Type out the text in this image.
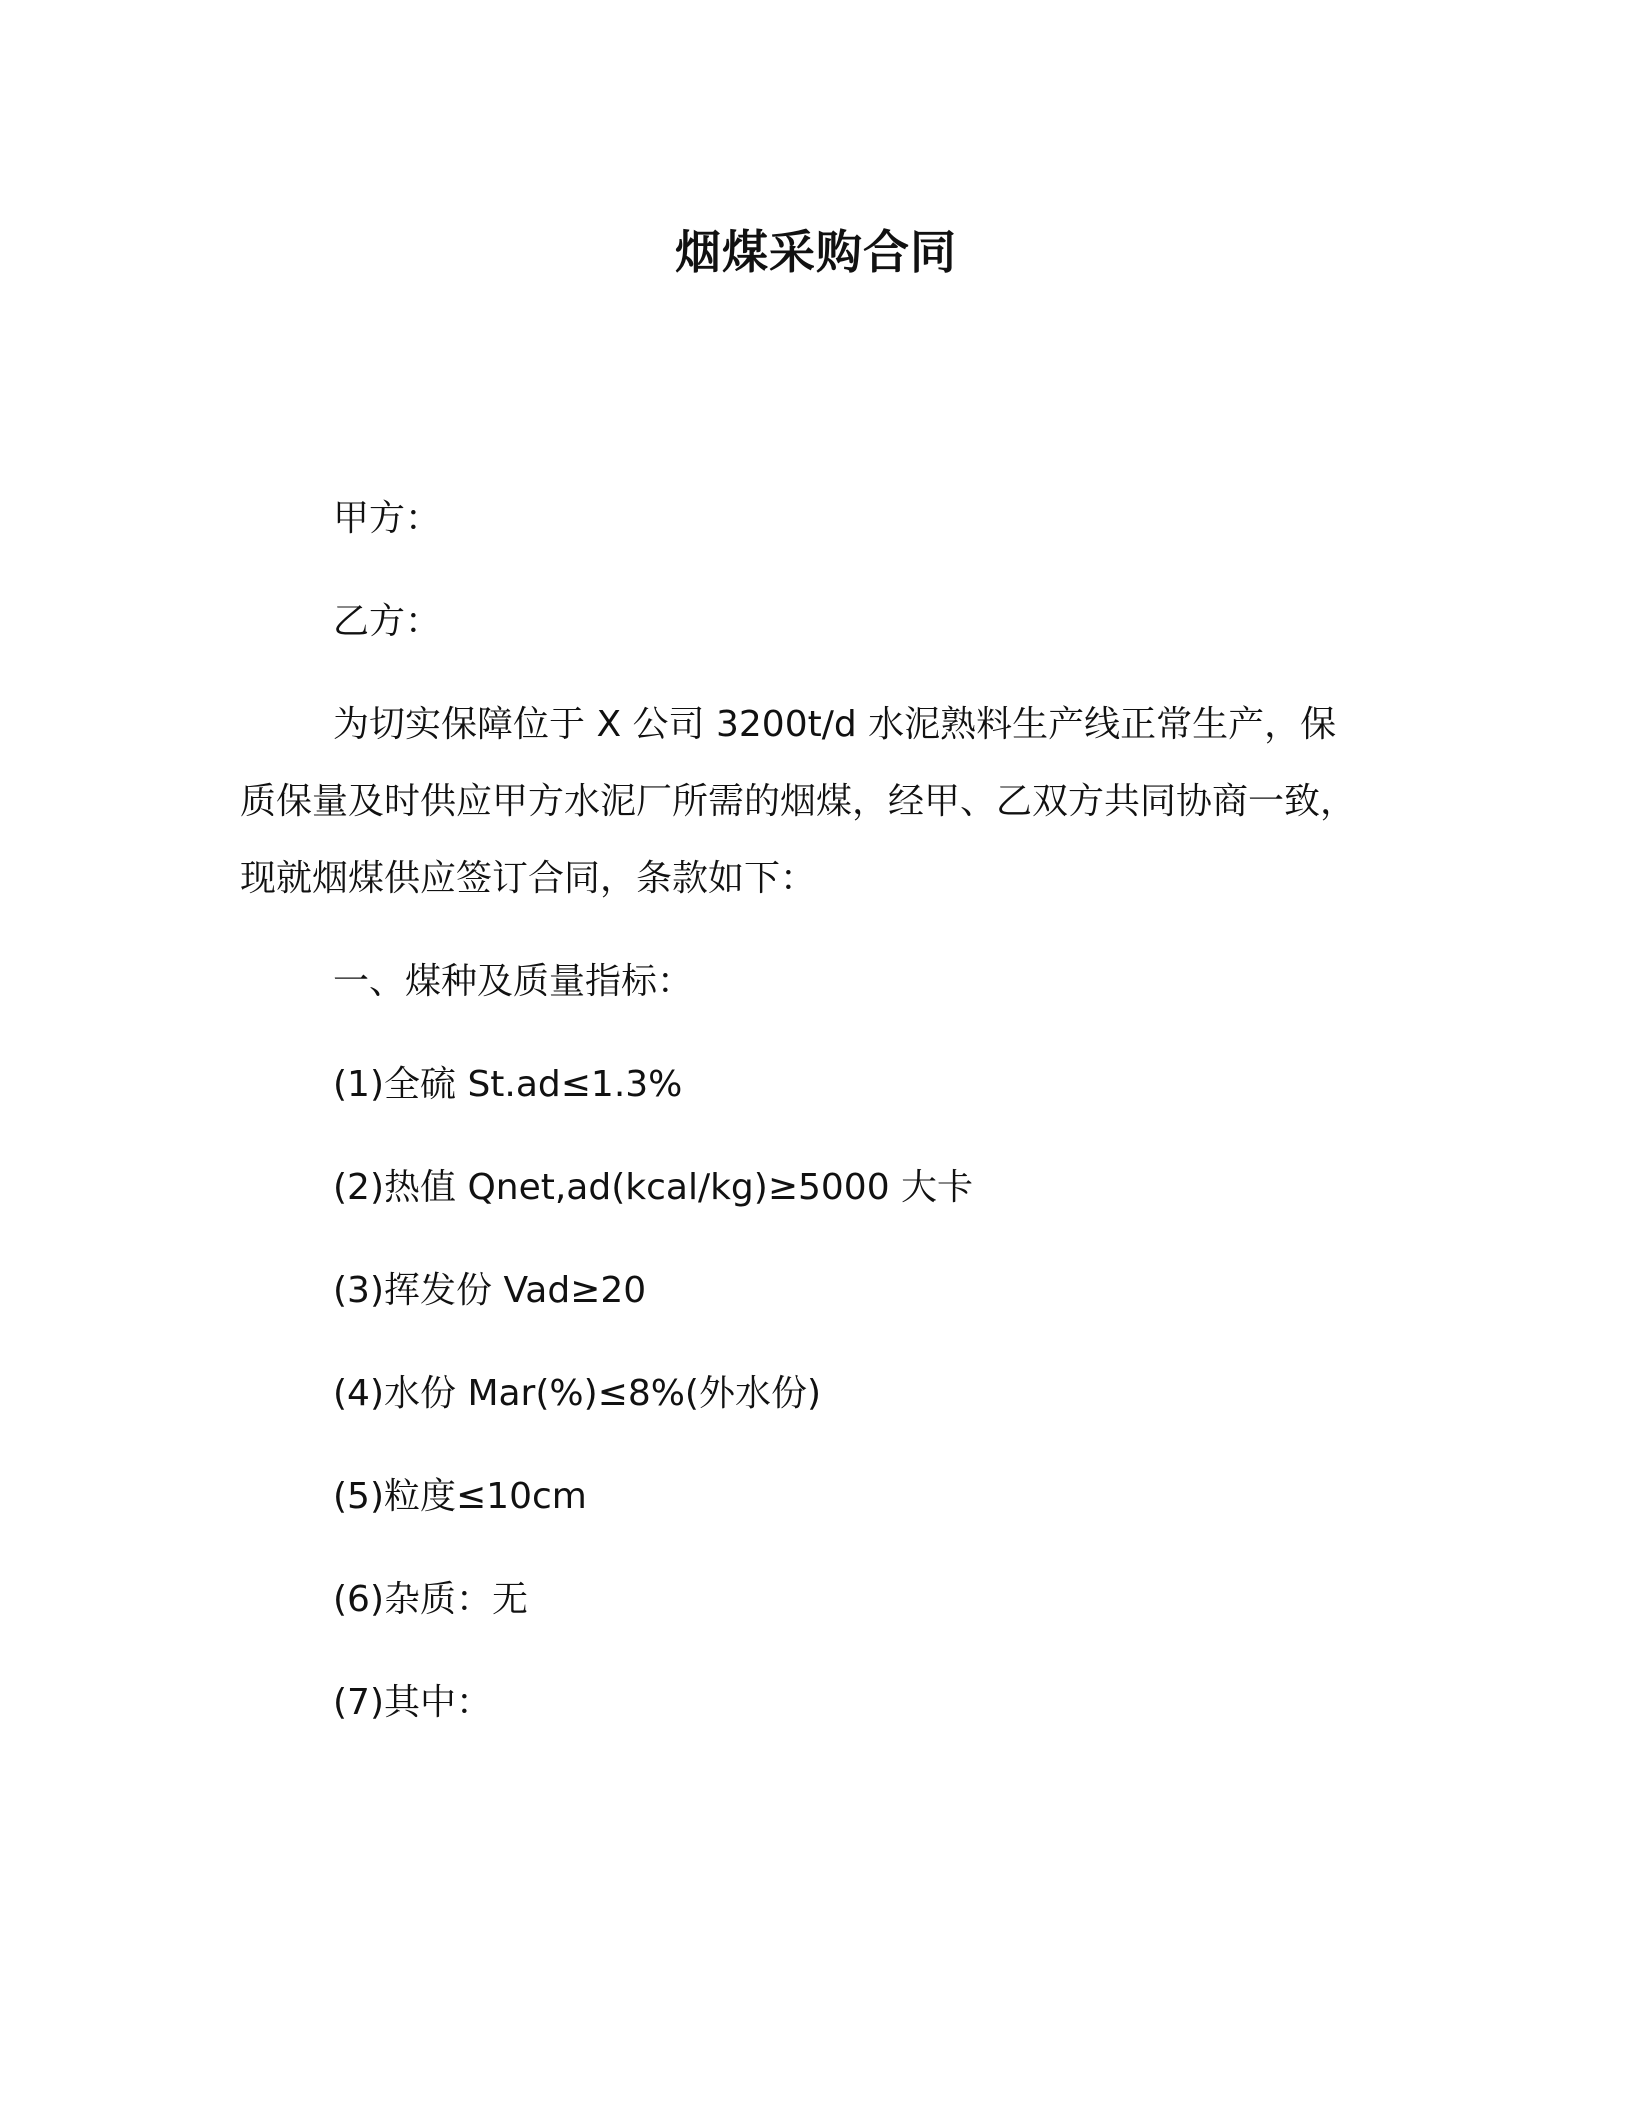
烟煤采购合同
甲方：
乙方：
为切实保障位于 X 公司 3200t/d 水泥熟料生产线正常生产，保
质保量及时供应甲方水泥厂所需的烟煤，经甲、乙双方共同协商一致，
现就烟煤供应签订合同，条款如下：
一、煤种及质量指标：
(1)全硫 St.ad≤1.3%
(2)热值 Qnet,ad(kcal/kg)≥5000 大卡
(3)挥发份 Vad≥20
(4)水份 Mar(%)≤8%(外水份)
(5)粒度≤10cm
(6)杂质：无
(7)其中：
